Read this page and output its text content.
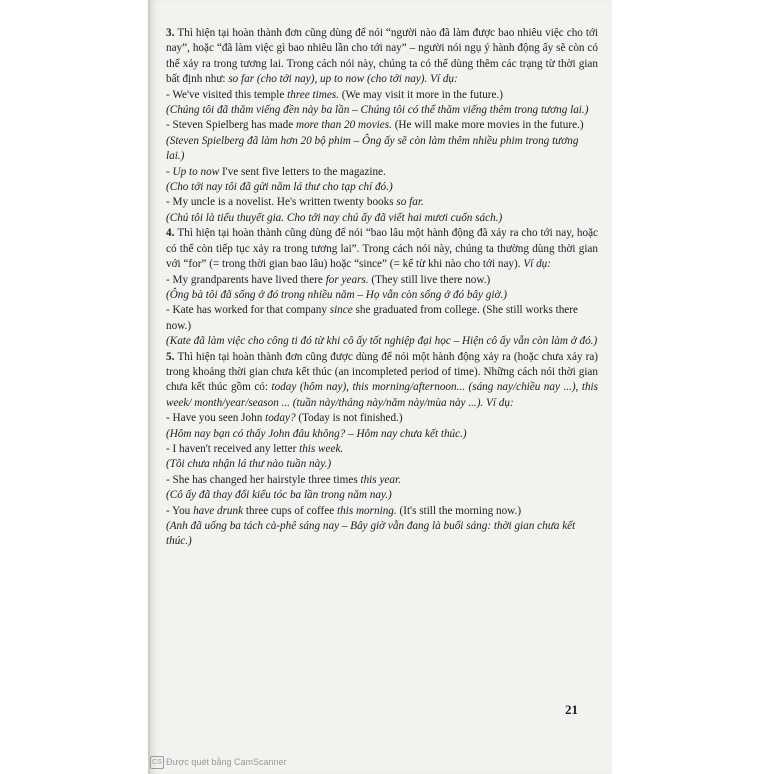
3. Thì hiện tại hoàn thành đơn cũng dùng để nói “người nào đã làm được bao nhiêu việc cho tới nay”, hoặc “đã làm việc gì bao nhiêu lần cho tới nay” – người nói ngụ ý hành động ấy sẽ còn có thể xảy ra trong tương lai. Trong cách nói này, chúng ta có thể dùng thêm các trạng từ thời gian bất định như: so far (cho tới nay), up to now (cho tới nay). Ví dụ:

- We've visited this temple three times. (We may visit it more in the future.)

(Chúng tôi đã thăm viếng đền này ba lần – Chúng tôi có thể thăm viếng thêm trong tương lai.)

- Steven Spielberg has made more than 20 movies. (He will make more movies in the future.)

(Steven Spielberg đã làm hơn 20 bộ phim – Ông ấy sẽ còn làm thêm nhiều phim trong tương lai.)

- Up to now I've sent five letters to the magazine.

(Cho tới nay tôi đã gửi năm lá thư cho tạp chí đó.)

- My uncle is a novelist. He's written twenty books so far.

(Chú tôi là tiểu thuyết gia. Cho tới nay chú ấy đã viết hai mươi cuốn sách.)

4. Thì hiện tại hoàn thành cũng dùng để nói “bao lâu một hành động đã xảy ra cho tới nay, hoặc có thể còn tiếp tục xảy ra trong tương lai”. Trong cách nói này, chúng ta thường dùng thời gian với “for” (= trong thời gian bao lâu) hoặc “since” (= kể từ khi nào cho tới nay). Ví dụ:

- My grandparents have lived there for years. (They still live there now.)

(Ông bà tôi đã sống ở đó trong nhiều năm – Họ vẫn còn sống ở đó bây giờ.)

- Kate has worked for that company since she graduated from college. (She still works there now.)

(Kate đã làm việc cho công ti đó từ khi cô ấy tốt nghiệp đại học – Hiện cô ấy vẫn còn làm ở đó.)

5. Thì hiện tại hoàn thành đơn cũng được dùng để nói một hành động xảy ra (hoặc chưa xảy ra) trong khoảng thời gian chưa kết thúc (an incompleted period of time). Những cách nói thời gian chưa kết thúc gồm có: today (hôm nay), this morning/afternoon... (sáng nay/chiều nay ...), this week/ month/year/season ... (tuần này/tháng này/năm này/mùa này ...). Ví dụ:

- Have you seen John today? (Today is not finished.)

(Hôm nay bạn có thấy John đâu không? – Hôm nay chưa kết thúc.)

- I haven't received any letter this week.

(Tôi chưa nhận lá thư nào tuần này.)

- She has changed her hairstyle three times this year.

(Cô ấy đã thay đổi kiểu tóc ba lần trong năm nay.)

- You have drunk three cups of coffee this morning. (It's still the morning now.)

(Anh đã uống ba tách cà-phê sáng nay – Bây giờ vẫn đang là buổi sáng: thời gian chưa kết thúc.)

21
CS Được quét bằng CamScanner
